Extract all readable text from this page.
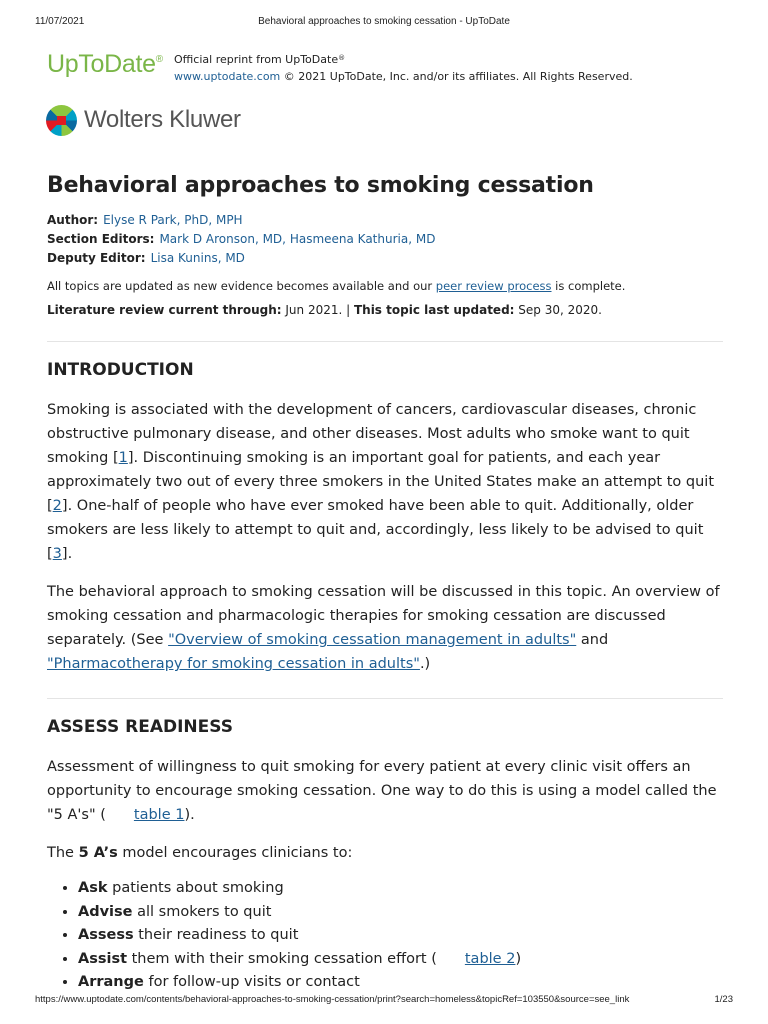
11/07/2021	Behavioral approaches to smoking cessation - UpToDate
UpToDate® Official reprint from UpToDate®
www.uptodate.com © 2021 UpToDate, Inc. and/or its affiliates. All Rights Reserved.
Wolters Kluwer
Behavioral approaches to smoking cessation
Author: Elyse R Park, PhD, MPH
Section Editors: Mark D Aronson, MD, Hasmeena Kathuria, MD
Deputy Editor: Lisa Kunins, MD
All topics are updated as new evidence becomes available and our peer review process is complete.
Literature review current through: Jun 2021. | This topic last updated: Sep 30, 2020.
INTRODUCTION

Smoking is associated with the development of cancers, cardiovascular diseases, chronic obstructive pulmonary disease, and other diseases. Most adults who smoke want to quit smoking [1]. Discontinuing smoking is an important goal for patients, and each year approximately two out of every three smokers in the United States make an attempt to quit [2]. One-half of people who have ever smoked have been able to quit. Additionally, older smokers are less likely to attempt to quit and, accordingly, less likely to be advised to quit [3].

The behavioral approach to smoking cessation will be discussed in this topic. An overview of smoking cessation and pharmacologic therapies for smoking cessation are discussed separately. (See "Overview of smoking cessation management in adults" and "Pharmacotherapy for smoking cessation in adults".)

ASSESS READINESS

Assessment of willingness to quit smoking for every patient at every clinic visit offers an opportunity to encourage smoking cessation. One way to do this is using a model called the "5 A's" ( table 1).

The 5 A’s model encourages clinicians to:

• Ask patients about smoking
• Advise all smokers to quit
• Assess their readiness to quit
• Assist them with their smoking cessation effort ( table 2)
• Arrange for follow-up visits or contact
https://www.uptodate.com/contents/behavioral-approaches-to-smoking-cessation/print?search=homeless&topicRef=103550&source=see_link	1/23
